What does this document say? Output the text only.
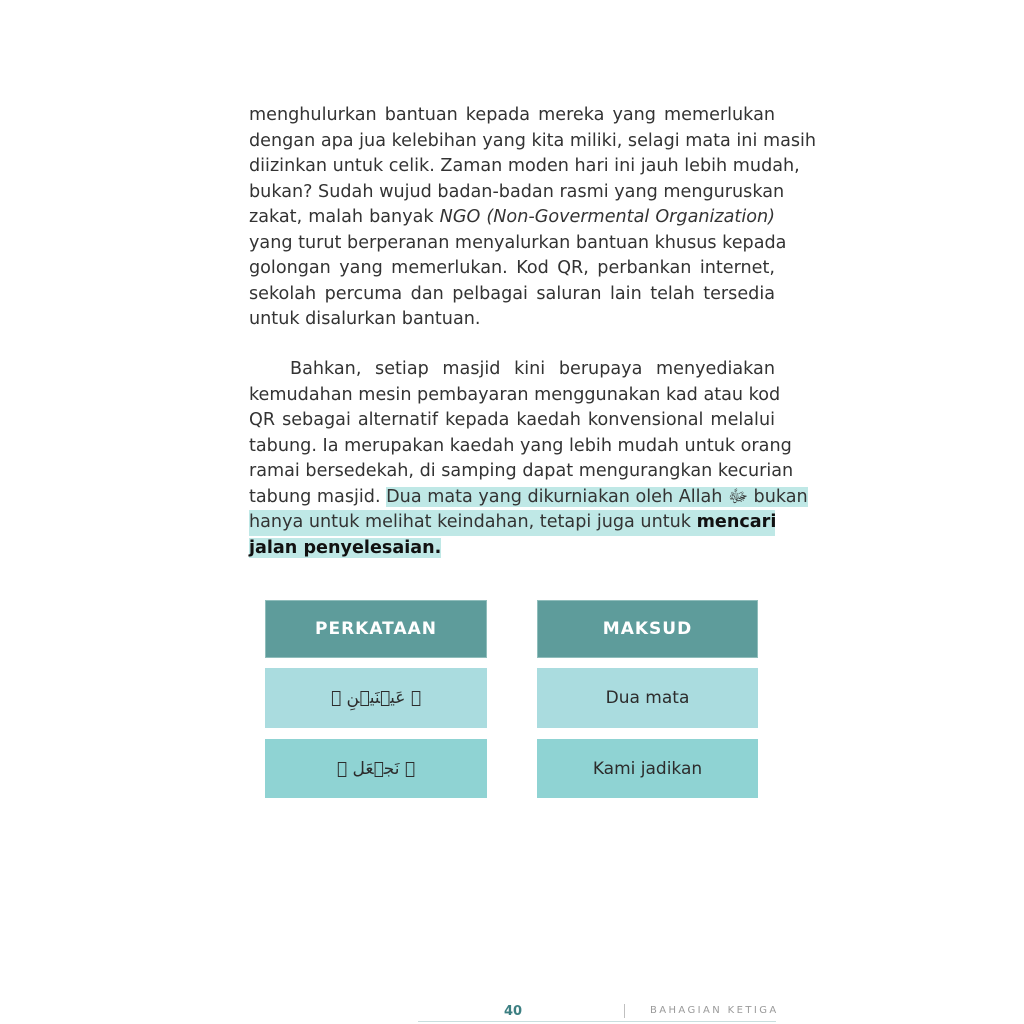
menghulurkan bantuan kepada mereka yang memerlukan
dengan apa jua kelebihan yang kita miliki, selagi mata ini masih
diizinkan untuk celik. Zaman moden hari ini jauh lebih mudah,
bukan? Sudah wujud badan-badan rasmi yang menguruskan
zakat, malah banyak NGO (Non-Govermental Organization)
yang turut berperanan menyalurkan bantuan khusus kepada
golongan yang memerlukan. Kod QR, perbankan internet,
sekolah percuma dan pelbagai saluran lain telah tersedia
untuk disalurkan bantuan.
Bahkan, setiap masjid kini berupaya menyediakan
kemudahan mesin pembayaran menggunakan kad atau kod
QR sebagai alternatif kepada kaedah konvensional melalui
tabung. Ia merupakan kaedah yang lebih mudah untuk orang
ramai bersedekah, di samping dapat mengurangkan kecurian
tabung masjid. Dua mata yang dikurniakan oleh Allah ﷻ bukan
hanya untuk melihat keindahan, tetapi juga untuk mencari
jalan penyelesaian.
PERKATAAN	MAKSUD
﴿ عَيۡنَيۡنِ ﴾	Dua mata
﴿ نَجۡعَل ﴾	Kami jadikan
40	BAHAGIAN KETIGA
